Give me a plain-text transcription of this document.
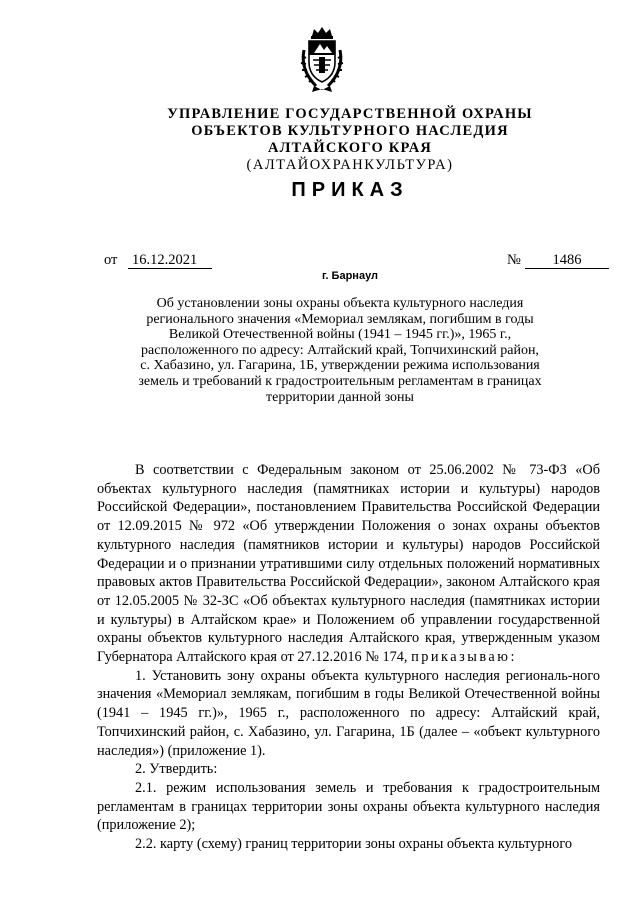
УПРАВЛЕНИЕ ГОСУДАРСТВЕННОЙ ОХРАНЫ
ОБЪЕКТОВ КУЛЬТУРНОГО НАСЛЕДИЯ
АЛТАЙСКОГО КРАЯ
(АЛТАЙОХРАНКУЛЬТУРА)
ПРИКАЗ
от 16.12.2021	№	1486
г. Барнаул
Об установлении зоны охраны объекта культурного наследия регионального значения «Мемориал землякам, погибшим в годы Великой Отечественной войны (1941 – 1945 гг.)», 1965 г., расположенного по адресу: Алтайский край, Топчихинский район, с. Хабазино, ул. Гагарина, 1Б, утверждении режима использования земель и требований к градостроительным регламентам в границах территории данной зоны

В соответствии с Федеральным законом от 25.06.2002 № 73-ФЗ «Об объектах культурного наследия (памятниках истории и культуры) народов Российской Федерации», постановлением Правительства Российской Федерации от 12.09.2015 № 972 «Об утверждении Положения о зонах охраны объектов культурного наследия (памятников истории и культуры) народов Российской Федерации и о признании утратившими силу отдельных положений нормативных правовых актов Правительства Российской Федерации», законом Алтайского края от 12.05.2005 № 32-ЗС «Об объектах культурного наследия (памятниках истории и культуры) в Алтайском крае» и Положением об управлении государственной охраны объектов культурного наследия Алтайского края, утвержденным указом Губернатора Алтайского края от 27.12.2016 № 174, приказываю:

1. Установить зону охраны объекта культурного наследия региональ-ного значения «Мемориал землякам, погибшим в годы Великой Отечественной войны (1941 – 1945 гг.)», 1965 г., расположенного по адресу: Алтайский край, Топчихинский район, с. Хабазино, ул. Гагарина, 1Б (далее – «объект культурного наследия») (приложение 1).

2. Утвердить:

2.1. режим использования земель и требования к градостроительным регламентам в границах территории зоны охраны объекта культурного наследия (приложение 2);

2.2. карту (схему) границ территории зоны охраны объекта культурного
